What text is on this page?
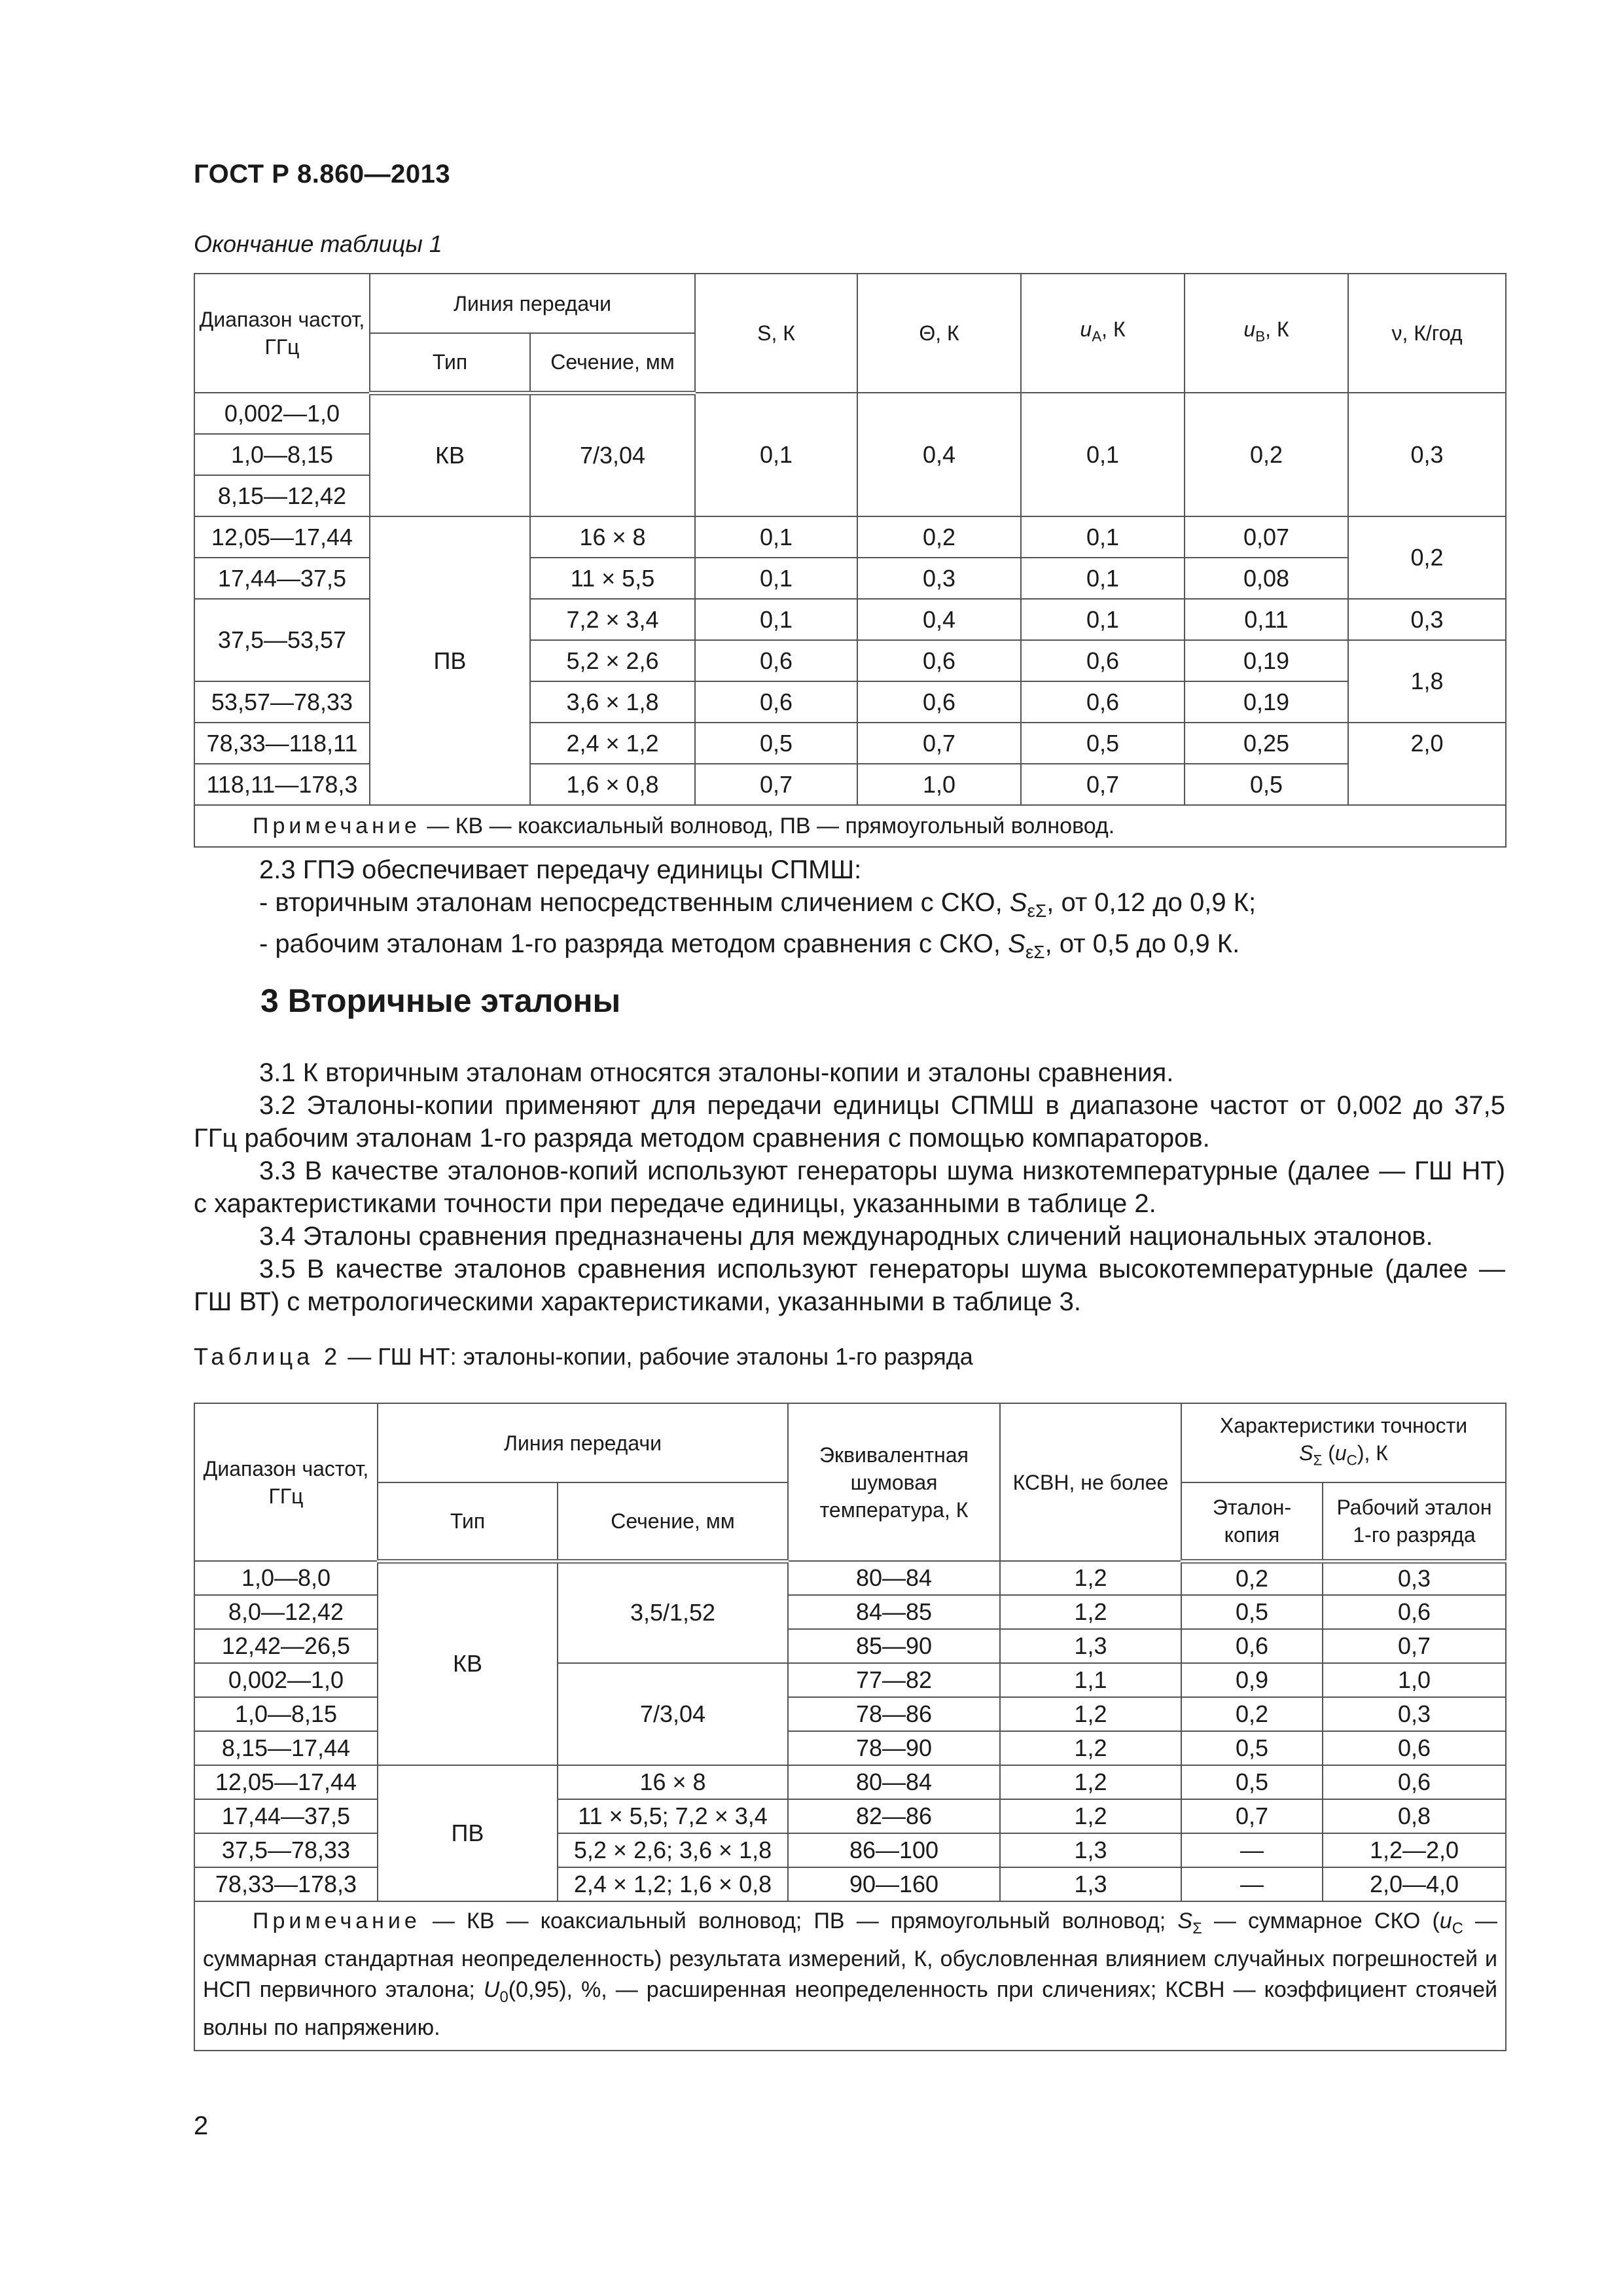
ГОСТ Р 8.860—2013
Окончание таблицы 1
Диапазон частот, ГГц	Линия передачи		S, К	Θ, К	$u_A$, К	$u_B$, К	ν, К/год
	Тип	Сечение, мм					
0,002—1,0	КВ	7/3,04	0,1	0,4	0,1	0,2	0,3
1,0—8,15							
8,15—12,42							
12,05—17,44	ПВ	16 × 8	0,1	0,2	0,1	0,07	0,2
17,44—37,5		11 × 5,5	0,1	0,3	0,1	0,08	
37,5—53,57		7,2 × 3,4	0,1	0,4	0,1	0,11	0,3
		5,2 × 2,6	0,6	0,6	0,6	0,19	1,8
53,57—78,33		3,6 × 1,8	0,6	0,6	0,6	0,19	
78,33—118,11		2,4 × 1,2	0,5	0,7	0,5	0,25	2,0
118,11—178,3		1,6 × 0,8	0,7	1,0	0,7	0,5	
Примечание — КВ — коаксиальный волновод, ПВ — прямоугольный волновод.							

2.3 ГПЭ обеспечивает передачу единицы СПМШ:

- вторичным эталонам непосредственным сличением с СКО, $S_{\varepsilon\Sigma}$, от 0,12 до 0,9 К;

- рабочим эталонам 1-го разряда методом сравнения с СКО, $S_{\varepsilon\Sigma}$, от 0,5 до 0,9 К.

3 Вторичные эталоны

3.1 К вторичным эталонам относятся эталоны-копии и эталоны сравнения.

3.2 Эталоны-копии применяют для передачи единицы СПМШ в диапазоне частот от 0,002 до 37,5 ГГц рабочим эталонам 1-го разряда методом сравнения с помощью компараторов.

3.3 В качестве эталонов-копий используют генераторы шума низкотемпературные (далее — ГШ НТ) с характеристиками точности при передаче единицы, указанными в таблице 2.

3.4 Эталоны сравнения предназначены для международных сличений национальных эталонов.

3.5 В качестве эталонов сравнения используют генераторы шума высокотемпературные (далее — ГШ ВТ) с метрологическими характеристиками, указанными в таблице 3.

Таблица 2 — ГШ НТ: эталоны-копии, рабочие эталоны 1-го разряда
Диапазон частот, ГГц	Линия передачи		Эквивалентная шумовая температура, К	КСВН, не более	Характеристики точности
$S_\Sigma$ $(u_C)$, К	
	Тип	Сечение, мм			Эталон-копия	Рабочий эталон 1-го разряда
1,0—8,0	КВ	3,5/1,52	80—84	1,2	0,2	0,3
8,0—12,42			84—85	1,2	0,5	0,6
12,42—26,5			85—90	1,3	0,6	0,7
0,002—1,0		7/3,04	77—82	1,1	0,9	1,0
1,0—8,15			78—86	1,2	0,2	0,3
8,15—17,44			78—90	1,2	0,5	0,6
12,05—17,44	ПВ	16 × 8	80—84	1,2	0,5	0,6
17,44—37,5		11 × 5,5; 7,2 × 3,4	82—86	1,2	0,7	0,8
37,5—78,33		5,2 × 2,6; 3,6 × 1,8	86—100	1,3	—	1,2—2,0
78,33—178,3		2,4 × 1,2; 1,6 × 0,8	90—160	1,3	—	2,0—4,0
Примечание — КВ — коаксиальный волновод; ПВ — прямоугольный волновод; $S_\Sigma$ — суммарное СКО ($u_C$ — суммарная стандартная неопределенность) результата измерений, К, обусловленная влиянием случайных погрешностей и НСП первичного эталона; $U_0(0,95)$, %, — расширенная неопределенность при сличениях; КСВН — коэффициент стоячей волны по напряжению.						
2
